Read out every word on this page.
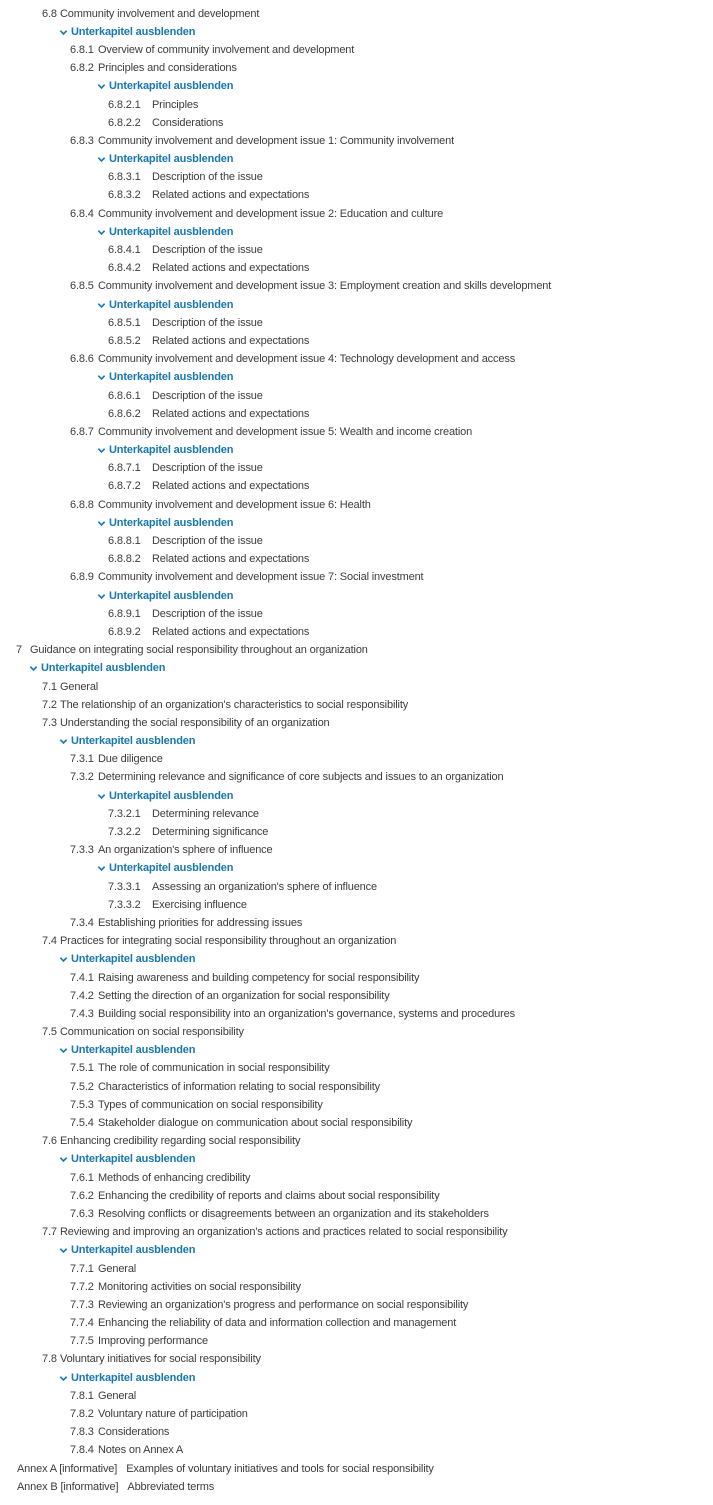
6.8 Community involvement and development
Unterkapitel ausblenden
6.8.1 Overview of community involvement and development
6.8.2 Principles and considerations
Unterkapitel ausblenden
6.8.2.1	Principles
6.8.2.2	Considerations
6.8.3 Community involvement and development issue 1: Community involvement
Unterkapitel ausblenden
6.8.3.1	Description of the issue
6.8.3.2	Related actions and expectations
6.8.4 Community involvement and development issue 2: Education and culture
Unterkapitel ausblenden
6.8.4.1	Description of the issue
6.8.4.2	Related actions and expectations
6.8.5 Community involvement and development issue 3: Employment creation and skills development
Unterkapitel ausblenden
6.8.5.1	Description of the issue
6.8.5.2	Related actions and expectations
6.8.6 Community involvement and development issue 4: Technology development and access
Unterkapitel ausblenden
6.8.6.1	Description of the issue
6.8.6.2	Related actions and expectations
6.8.7 Community involvement and development issue 5: Wealth and income creation
Unterkapitel ausblenden
6.8.7.1	Description of the issue
6.8.7.2	Related actions and expectations
6.8.8 Community involvement and development issue 6: Health
Unterkapitel ausblenden
6.8.8.1	Description of the issue
6.8.8.2	Related actions and expectations
6.8.9 Community involvement and development issue 7: Social investment
Unterkapitel ausblenden
6.8.9.1	Description of the issue
6.8.9.2	Related actions and expectations
7 Guidance on integrating social responsibility throughout an organization
Unterkapitel ausblenden
7.1 General
7.2 The relationship of an organization's characteristics to social responsibility
7.3 Understanding the social responsibility of an organization
Unterkapitel ausblenden
7.3.1 Due diligence
7.3.2 Determining relevance and significance of core subjects and issues to an organization
Unterkapitel ausblenden
7.3.2.1	Determining relevance
7.3.2.2	Determining significance
7.3.3 An organization's sphere of influence
Unterkapitel ausblenden
7.3.3.1	Assessing an organization's sphere of influence
7.3.3.2	Exercising influence
7.3.4 Establishing priorities for addressing issues
7.4 Practices for integrating social responsibility throughout an organization
Unterkapitel ausblenden
7.4.1 Raising awareness and building competency for social responsibility
7.4.2 Setting the direction of an organization for social responsibility
7.4.3 Building social responsibility into an organization's governance, systems and procedures
7.5 Communication on social responsibility
Unterkapitel ausblenden
7.5.1 The role of communication in social responsibility
7.5.2 Characteristics of information relating to social responsibility
7.5.3 Types of communication on social responsibility
7.5.4 Stakeholder dialogue on communication about social responsibility
7.6 Enhancing credibility regarding social responsibility
Unterkapitel ausblenden
7.6.1 Methods of enhancing credibility
7.6.2 Enhancing the credibility of reports and claims about social responsibility
7.6.3 Resolving conflicts or disagreements between an organization and its stakeholders
7.7 Reviewing and improving an organization's actions and practices related to social responsibility
Unterkapitel ausblenden
7.7.1 General
7.7.2 Monitoring activities on social responsibility
7.7.3 Reviewing an organization's progress and performance on social responsibility
7.7.4 Enhancing the reliability of data and information collection and management
7.7.5 Improving performance
7.8 Voluntary initiatives for social responsibility
Unterkapitel ausblenden
7.8.1 General
7.8.2 Voluntary nature of participation
7.8.3 Considerations
7.8.4 Notes on Annex A
Annex A [informative] Examples of voluntary initiatives and tools for social responsibility
Annex B [informative] Abbreviated terms
